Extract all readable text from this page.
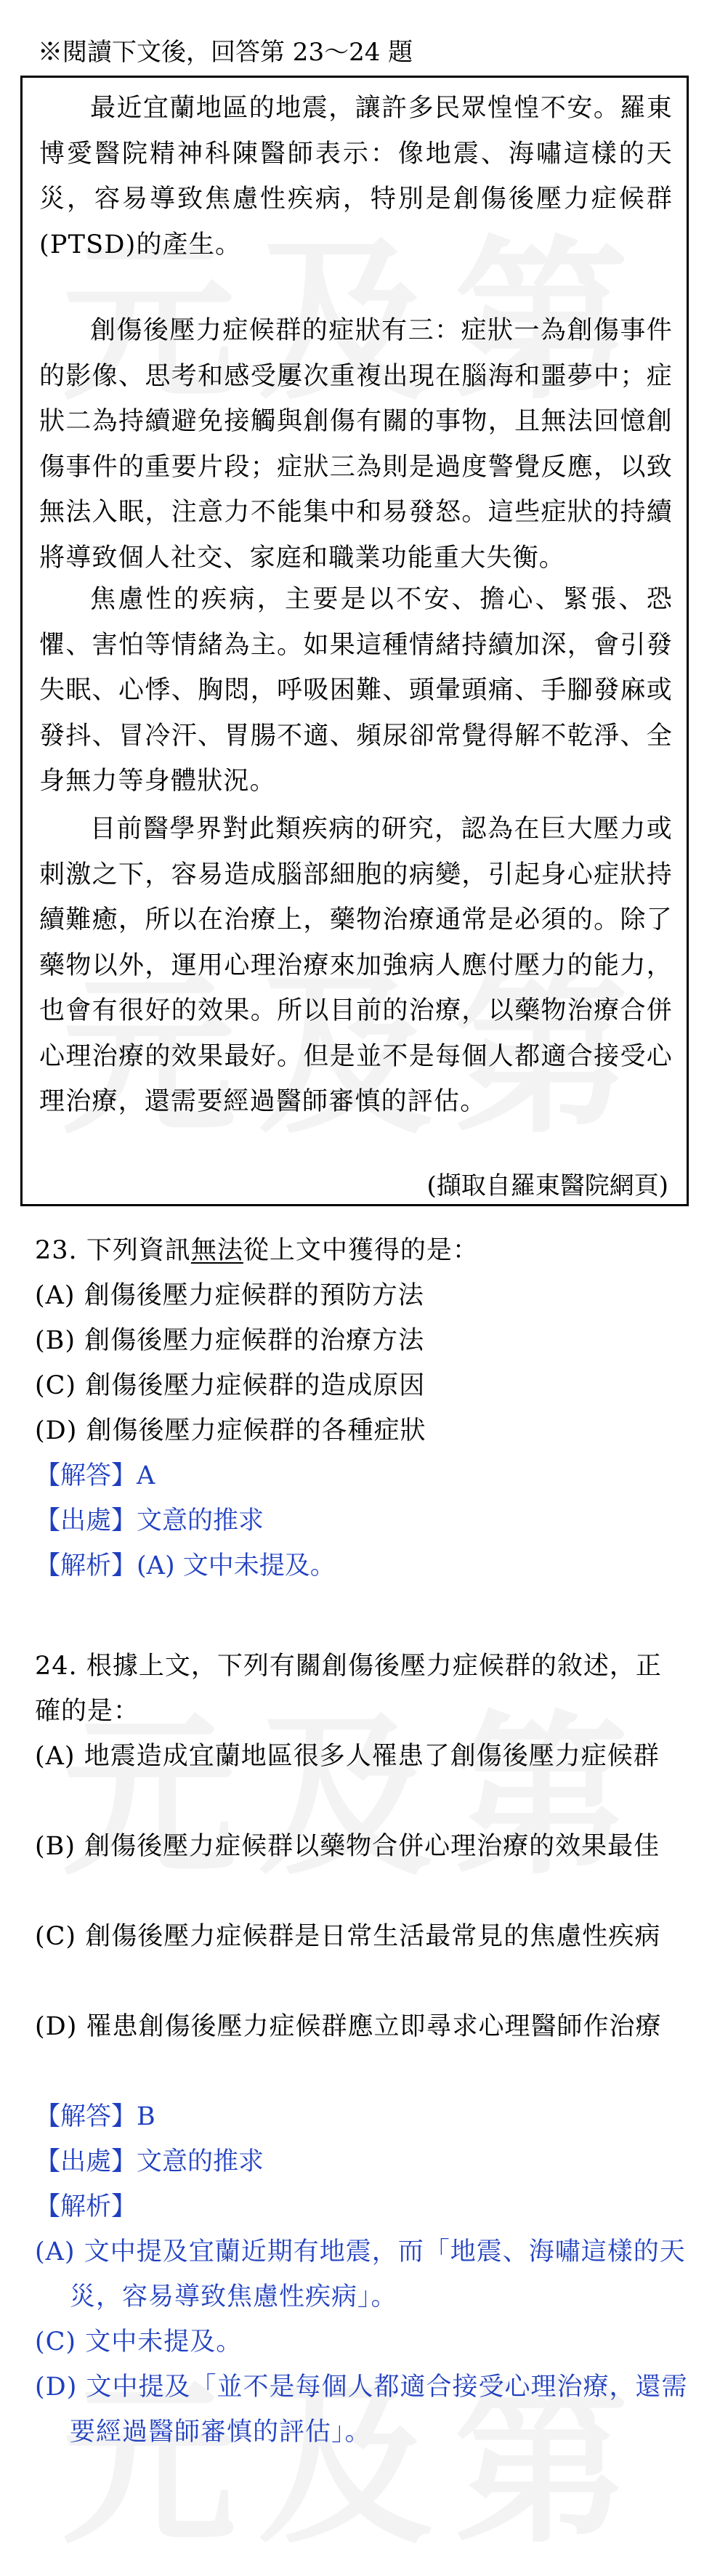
※閱讀下文後，回答第 23～24 題

最近宜蘭地區的地震，讓許多民眾惶惶不安。羅東博愛醫院精神科陳醫師表示：像地震、海嘯這樣的天災，容易導致焦慮性疾病，特別是創傷後壓力症候群(PTSD)的產生。

創傷後壓力症候群的症狀有三：症狀一為創傷事件的影像、思考和感受屢次重複出現在腦海和噩夢中；症狀二為持續避免接觸與創傷有關的事物，且無法回憶創傷事件的重要片段；症狀三為則是過度警覺反應，以致無法入眠，注意力不能集中和易發怒。這些症狀的持續將導致個人社交、家庭和職業功能重大失衡。

焦慮性的疾病，主要是以不安、擔心、緊張、恐懼、害怕等情緒為主。如果這種情緒持續加深，會引發失眠、心悸、胸悶，呼吸困難、頭暈頭痛、手腳發麻或發抖、冒冷汗、胃腸不適、頻尿卻常覺得解不乾淨、全身無力等身體狀況。

目前醫學界對此類疾病的研究，認為在巨大壓力或刺激之下，容易造成腦部細胞的病變，引起身心症狀持續難癒，所以在治療上，藥物治療通常是必須的。除了藥物以外，運用心理治療來加強病人應付壓力的能力，也會有很好的效果。所以目前的治療，以藥物治療合併心理治療的效果最好。但是並不是每個人都適合接受心理治療，還需要經過醫師審慎的評估。

(擷取自羅東醫院網頁)
23. 下列資訊無法從上文中獲得的是：
(A) 創傷後壓力症候群的預防方法
(B) 創傷後壓力症候群的治療方法
(C) 創傷後壓力症候群的造成原因
(D) 創傷後壓力症候群的各種症狀
【解答】A
【出處】文意的推求
【解析】(A) 文中未提及。
24. 根據上文，下列有關創傷後壓力症候群的敘述，正確的是：
(A) 地震造成宜蘭地區很多人罹患了創傷後壓力症候群
(B) 創傷後壓力症候群以藥物合併心理治療的效果最佳
(C) 創傷後壓力症候群是日常生活最常見的焦慮性疾病
(D) 罹患創傷後壓力症候群應立即尋求心理醫師作治療
【解答】B
【出處】文意的推求
【解析】
(A) 文中提及宜蘭近期有地震，而「地震、海嘯這樣的天災，容易導致焦慮性疾病」。
(C) 文中未提及。
(D) 文中提及「並不是每個人都適合接受心理治療，還需要經過醫師審慎的評估」。
